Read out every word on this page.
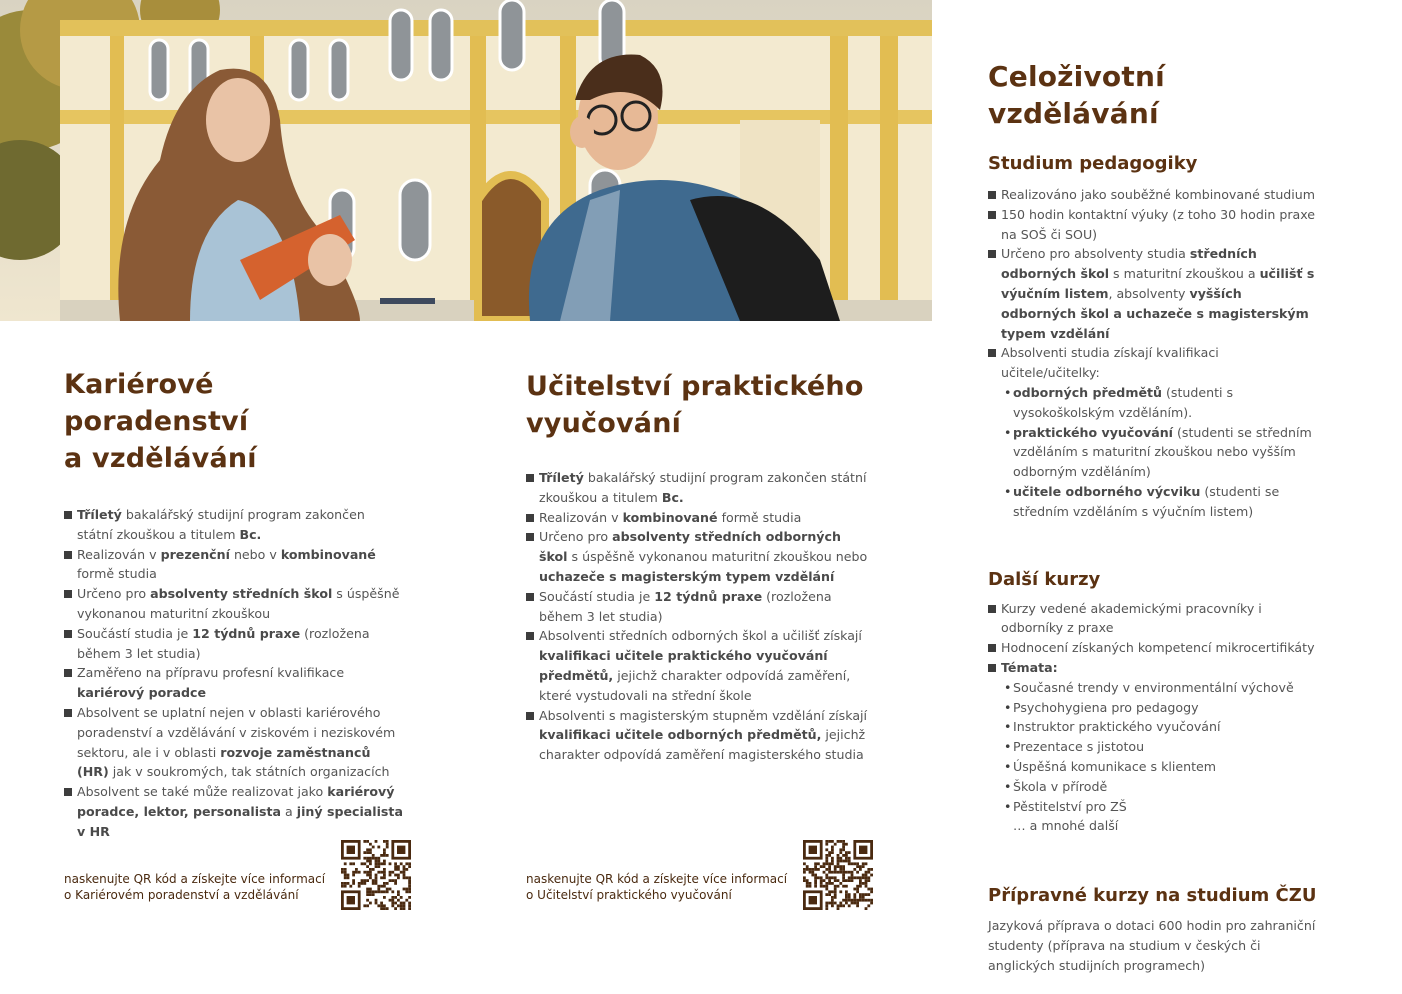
Kariérové poradenství
a vzdělávání
Tříletý bakalářský studijní program zakončen státní zkouškou a titulem Bc.
Realizován v prezenční nebo v kombinované formě studia
Určeno pro absolventy středních škol s úspěšně vykonanou maturitní zkouškou
Součástí studia je 12 týdnů praxe (rozložena během 3 let studia)
Zaměřeno na přípravu profesní kvalifikace kariérový poradce
Absolvent se uplatní nejen v oblasti kariérového poradenství a vzdělávání v ziskovém i neziskovém sektoru, ale i v oblasti rozvoje zaměstnanců (HR) jak v soukromých, tak státních organizacích
Absolvent se také může realizovat jako kariérový poradce, lektor, personalista a jiný specialista v HR
naskenujte QR kód a získejte více informací
o Kariérovém poradenství a vzdělávání
Učitelství praktického
vyučování
Tříletý bakalářský studijní program zakončen státní zkouškou a titulem Bc.
Realizován v kombinované formě studia
Určeno pro absolventy středních odborných škol s úspěšně vykonanou maturitní zkouškou nebo uchazeče s magisterským typem vzdělání
Součástí studia je 12 týdnů praxe (rozložena během 3 let studia)
Absolventi středních odborných škol a učilišť získají kvalifikaci učitele praktického vyučování předmětů, jejichž charakter odpovídá zaměření, které vystudovali na střední škole
Absolventi s magisterským stupněm vzdělání získají kvalifikaci učitele odborných předmětů, jejichž charakter odpovídá zaměření magisterského studia
naskenujte QR kód a získejte více informací
o Učitelství praktického vyučování
Celoživotní vzdělávání
Studium pedagogiky
Realizováno jako souběžné kombinované studium
150 hodin kontaktní výuky (z toho 30 hodin praxe na SOŠ či SOU)
Určeno pro absolventy studia středních odborných škol s maturitní zkouškou a učilišť s výučním listem, absolventy vyšších odborných škol a uchazeče s magisterským typem vzdělání
Absolventi studia získají kvalifikaci učitele/učitelky:
• odborných předmětů (studenti s vysokoškolským vzděláním).
• praktického vyučování (studenti se středním vzděláním s maturitní zkouškou nebo vyšším odborným vzděláním)
• učitele odborného výcviku (studenti se středním vzděláním s výučním listem)
Další kurzy
Kurzy vedené akademickými pracovníky i odborníky z praxe
Hodnocení získaných kompetencí mikrocertifikáty
Témata:
• Současné trendy v environmentální výchově
• Psychohygiena pro pedagogy
• Instruktor praktického vyučování
• Prezentace s jistotou
• Úspěšná komunikace s klientem
• Škola v přírodě
• Pěstitelství pro ZŠ
… a mnohé další
Přípravné kurzy na studium ČZU

Jazyková příprava o dotaci 600 hodin pro zahraniční studenty (příprava na studium v českých či anglických studijních programech)
